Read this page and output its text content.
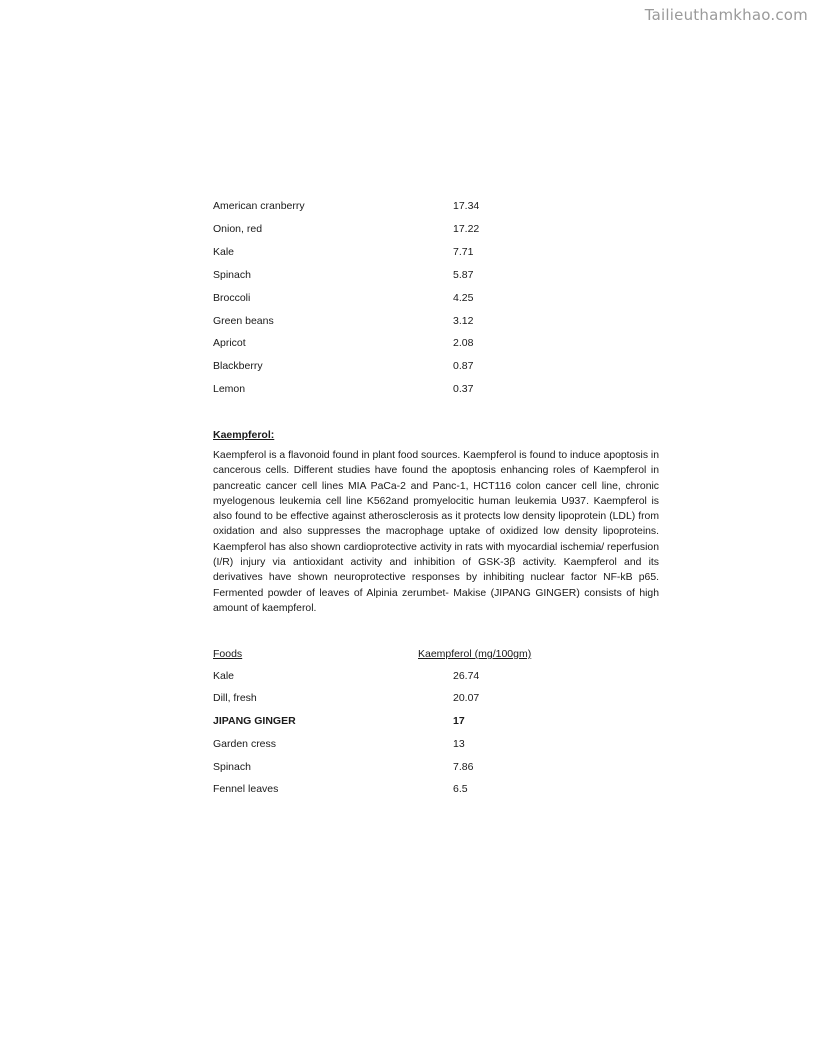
Tailieuthamkhao.com
American cranberry	17.34
Onion, red	17.22
Kale	7.71
Spinach	5.87
Broccoli	4.25
Green beans	3.12
Apricot	2.08
Blackberry	0.87
Lemon	0.37
Kaempferol:
Kaempferol is a flavonoid found in plant food sources. Kaempferol is found to induce apoptosis in cancerous cells. Different studies have found the apoptosis enhancing roles of Kaempferol in pancreatic cancer cell lines MIA PaCa-2 and Panc-1, HCT116 colon cancer cell line, chronic myelogenous leukemia cell line K562and promyelocitic human leukemia U937. Kaempferol is also found to be effective against atherosclerosis as it protects low density lipoprotein (LDL) from oxidation and also suppresses the macrophage uptake of oxidized low density lipoproteins. Kaempferol has also shown cardioprotective activity in rats with myocardial ischemia/ reperfusion (I/R) injury via antioxidant activity and inhibition of GSK-3β activity. Kaempferol and its derivatives have shown neuroprotective responses by inhibiting nuclear factor NF-kB p65. Fermented powder of leaves of Alpinia zerumbet- Makise (JIPANG GINGER) consists of high amount of kaempferol.
Foods	Kaempferol (mg/100gm)
Kale	26.74
Dill, fresh	20.07
JIPANG GINGER	17
Garden cress	13
Spinach	7.86
Fennel leaves	6.5
